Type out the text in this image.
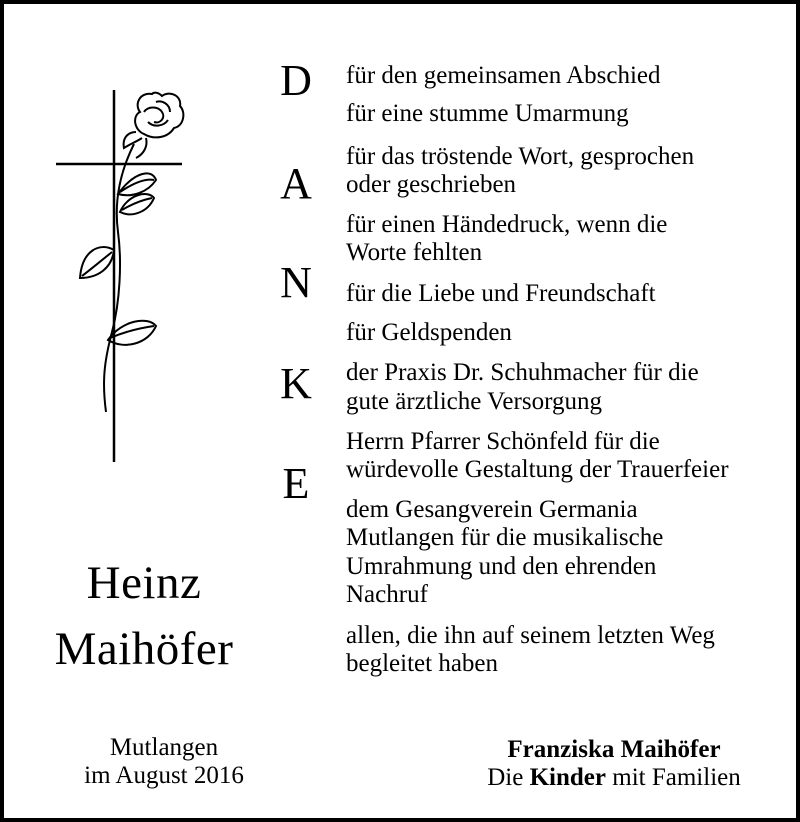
Heinz
Maihöfer
D
A
N
K
E
für den gemeinsamen Abschied
für eine stumme Umarmung
für das tröstende Wort, gesprochen
oder geschrieben
für einen Händedruck, wenn die
Worte fehlten
für die Liebe und Freundschaft
für Geldspenden
der Praxis Dr. Schuhmacher für die
gute ärztliche Versorgung
Herrn Pfarrer Schönfeld für die
würdevolle Gestaltung der Trauerfeier
dem Gesangverein Germania
Mutlangen für die musikalische
Umrahmung und den ehrenden
Nachruf
allen, die ihn auf seinem letzten Weg
begleitet haben
Mutlangen
im August 2016
Franziska Maihöfer
Die Kinder mit Familien
